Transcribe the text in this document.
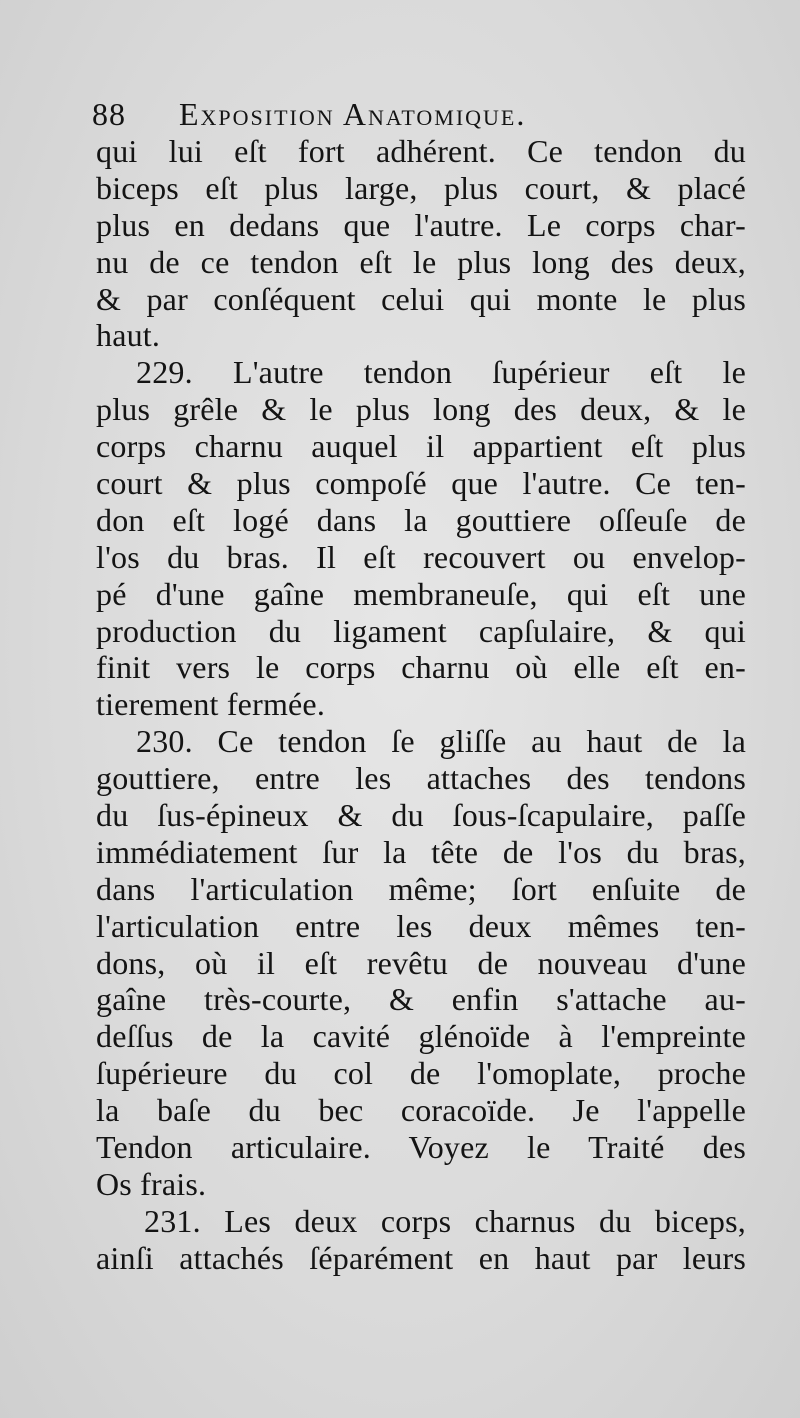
88 Exposition Anatomique.
qui lui eſt fort adhérent. Ce tendon du
biceps eſt plus large, plus court, & placé
plus en dedans que l'autre. Le corps char-
nu de ce tendon eſt le plus long des deux,
& par conſéquent celui qui monte le plus
haut.
229. L'autre tendon ſupérieur eſt le
plus grêle & le plus long des deux, & le
corps charnu auquel il appartient eſt plus
court & plus compoſé que l'autre. Ce ten-
don eſt logé dans la gouttiere oſſeuſe de
l'os du bras. Il eſt recouvert ou envelop-
pé d'une gaîne membraneuſe, qui eſt une
production du ligament capſulaire, & qui
finit vers le corps charnu où elle eſt en-
tierement fermée.
230. Ce tendon ſe gliſſe au haut de la
gouttiere, entre les attaches des tendons
du ſus-épineux & du ſous-ſcapulaire, paſſe
immédiatement ſur la tête de l'os du bras,
dans l'articulation même; ſort enſuite de
l'articulation entre les deux mêmes ten-
dons, où il eſt revêtu de nouveau d'une
gaîne très-courte, & enfin s'attache au-
deſſus de la cavité glénoïde à l'empreinte
ſupérieure du col de l'omoplate, proche
la baſe du bec coracoïde. Je l'appelle
Tendon articulaire. Voyez le Traité des
Os frais.
231. Les deux corps charnus du biceps,
ainſi attachés ſéparément en haut par leurs
